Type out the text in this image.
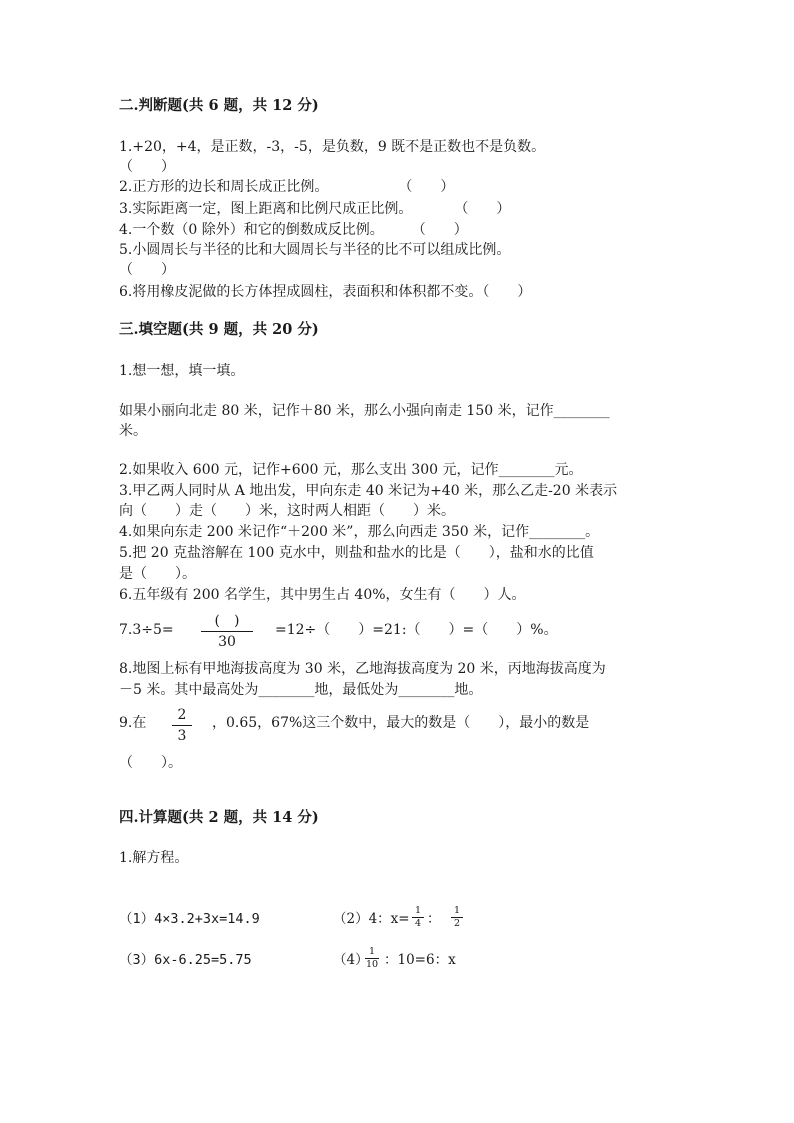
二.判断题(共 6 题，共 12 分)
1.+20，+4，是正数，-3，-5，是负数，9 既不是正数也不是负数。
（　　）
2.正方形的边长和周长成正比例。　　　　　　（　　）
3.实际距离一定，图上距离和比例尺成正比例。　　　　（　　）
4.一个数（0 除外）和它的倒数成反比例。　　　（　　）
5.小圆周长与半径的比和大圆周长与半径的比不可以组成比例。
（　　）
6.将用橡皮泥做的长方体捏成圆柱，表面积和体积都不变。（　　）
三.填空题(共 9 题，共 20 分)
1.想一想，填一填。
如果小丽向北走 80 米，记作＋80 米，那么小强向南走 150 米，记作________
米。
2.如果收入 600 元，记作+600 元，那么支出 300 元，记作________元。
3.甲乙两人同时从 A 地出发，甲向东走 40 米记为+40 米，那么乙走-20 米表示
向（　　）走（　　）米，这时两人相距（　　）米。
4.如果向东走 200 米记作“＋200 米”，那么向西走 350 米，记作________。
5.把 20 克盐溶解在 100 克水中，则盐和盐水的比是（　　），盐和水的比值
是（　　）。
6.五年级有 200 名学生，其中男生占 40%，女生有（　　）人。
7.3÷5=
(　)
30
=12÷（　　）=21:（　　）=（　　）%。
8.地图上标有甲地海拔高度为 30 米，乙地海拔高度为 20 米，丙地海拔高度为
－5 米。其中最高处为________地，最低处为________地。
9.在	2
3
，0.65，67%这三个数中，最大的数是（　　），最小的数是
（　　）。
四.计算题(共 2 题，共 14 分)
1.解方程。
（1）4×3.2+3x=14.9	（2）4：x=
1
4 ：
1
2
（3）6x-6.25=5.75	（4）
1
10 ：10=6：x
